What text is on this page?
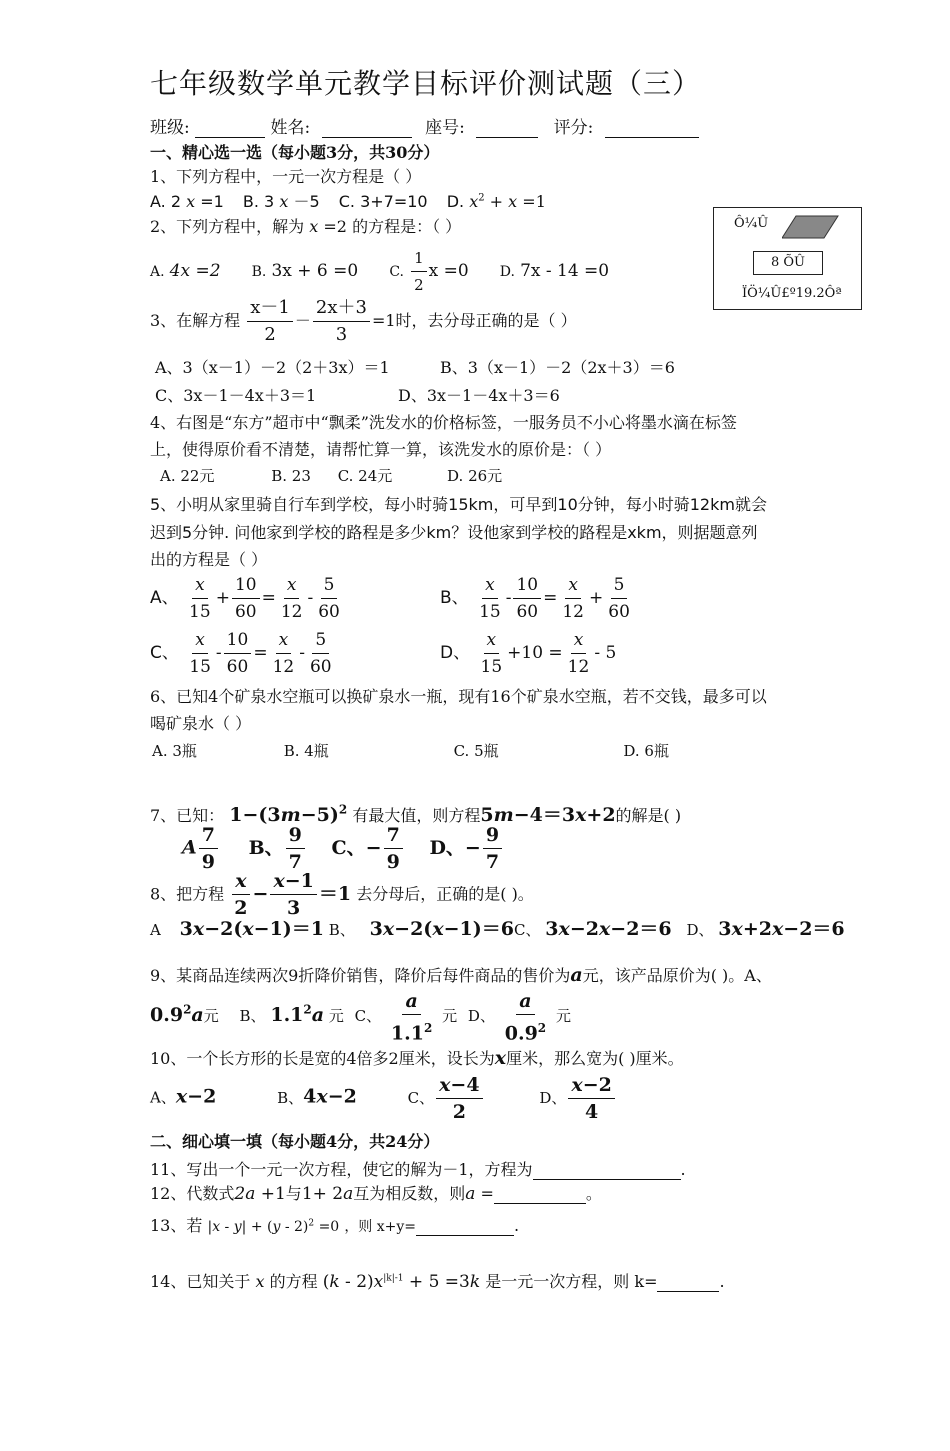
七年级数学单元教学目标评价测试题（三）
班级:	姓名:	座号:	评分:
一、精心选一选（每小题3分，共30分）
1、下列方程中，一元一次方程是（ ）
A. 2 x =1 B. 3 x －5 C. 3+7=10 D. $x^2 + x =1$
2、下列方程中，解为 x =2 的方程是：（ ）
A. 4x =2 B. 3x + 6 =0 C. $\frac{1}{2}$ x =0 D. 7x - 14 =0
Ô¼Û
8 ÕÛ
ÏÖ¼Û£º19.2Ôª
3、在解方程 $\frac{x-1}{2} - \frac{2x+3}{3} =1$时，去分母正确的是（ ）
A、3（x－1）－2（2＋3x）＝1	B、3（x－1）－2（2x＋3）＝6
C、3x－1－4x＋3＝1	D、3x－1－4x＋3＝6
4、右图是“东方”超市中“飘柔”洗发水的价格标签，一服务员不小心将墨水滴在标签
上，使得原价看不清楚，请帮忙算一算，该洗发水的原价是：（ ）
A. 22元	B. 23 C. 24元	D. 26元
5、小明从家里骑自行车到学校，每小时骑15km，可早到10分钟，每小时骑12km就会
迟到5分钟. 问他家到学校的路程是多少km？设他家到学校的路程是xkm，则据题意列
出的方程是（ ）
A、 $\frac{x}{15} + \frac{10}{60} = \frac{x}{12} - \frac{5}{60}$	B、 $\frac{x}{15} - \frac{10}{60} = \frac{x}{12} + \frac{5}{60}$
C、 $\frac{x}{15} - \frac{10}{60} = \frac{x}{12} - \frac{5}{60}$	D、 $\frac{x}{15} +10 = \frac{x}{12} - 5$
6、已知4个矿泉水空瓶可以换矿泉水一瓶，现有16个矿泉水空瓶，若不交钱，最多可以
喝矿泉水（ ）
A. 3瓶	B. 4瓶	C. 5瓶	D. 6瓶
7、已知： $1-(3m-5)^2$ 有最大值，则方程5m−4＝3x+2的解是( )
A $\frac{7}{9}$ B、 $\frac{9}{7}$ C、− $\frac{7}{9}$ D、− $\frac{9}{7}$
8、把方程 $\frac{x}{2} - \frac{x-1}{3} =1$ 去分母后，正确的是( )。
A 3x−2(x−1)＝1 B、 3x−2(x−1)＝6C、 3x−2x−2＝6 D、 3x+2x−2＝6
9、某商品连续两次9折降价销售，降价后每件商品的售价为a元，该产品原价为( )。A、
$0.9^2a$元 B、 $1.1^2a$ 元 C、 $\frac{a}{1.1^2}$ 元 D、 $\frac{a}{0.9^2}$ 元
10、一个长方形的长是宽的4倍多2厘米，设长为x厘米，那么宽为( )厘米。
A、x−2	B、4x−2	C、 $\frac{x-4}{2}$	D、 $\frac{x-2}{4}$
二、细心填一填（每小题4分，共24分）
11、写出一个一元一次方程，使它的解为－1，方程为	.
12、代数式2a +1与1+ 2a互为相反数，则a =	。
13、若 |x - y| + (y - 2)$^2$ =0 ，则 x+y=	.
14、已知关于 x 的方程 $(k - 2)x^{|k|-1} + 5 =3k$ 是一元一次方程，则 k=	.
